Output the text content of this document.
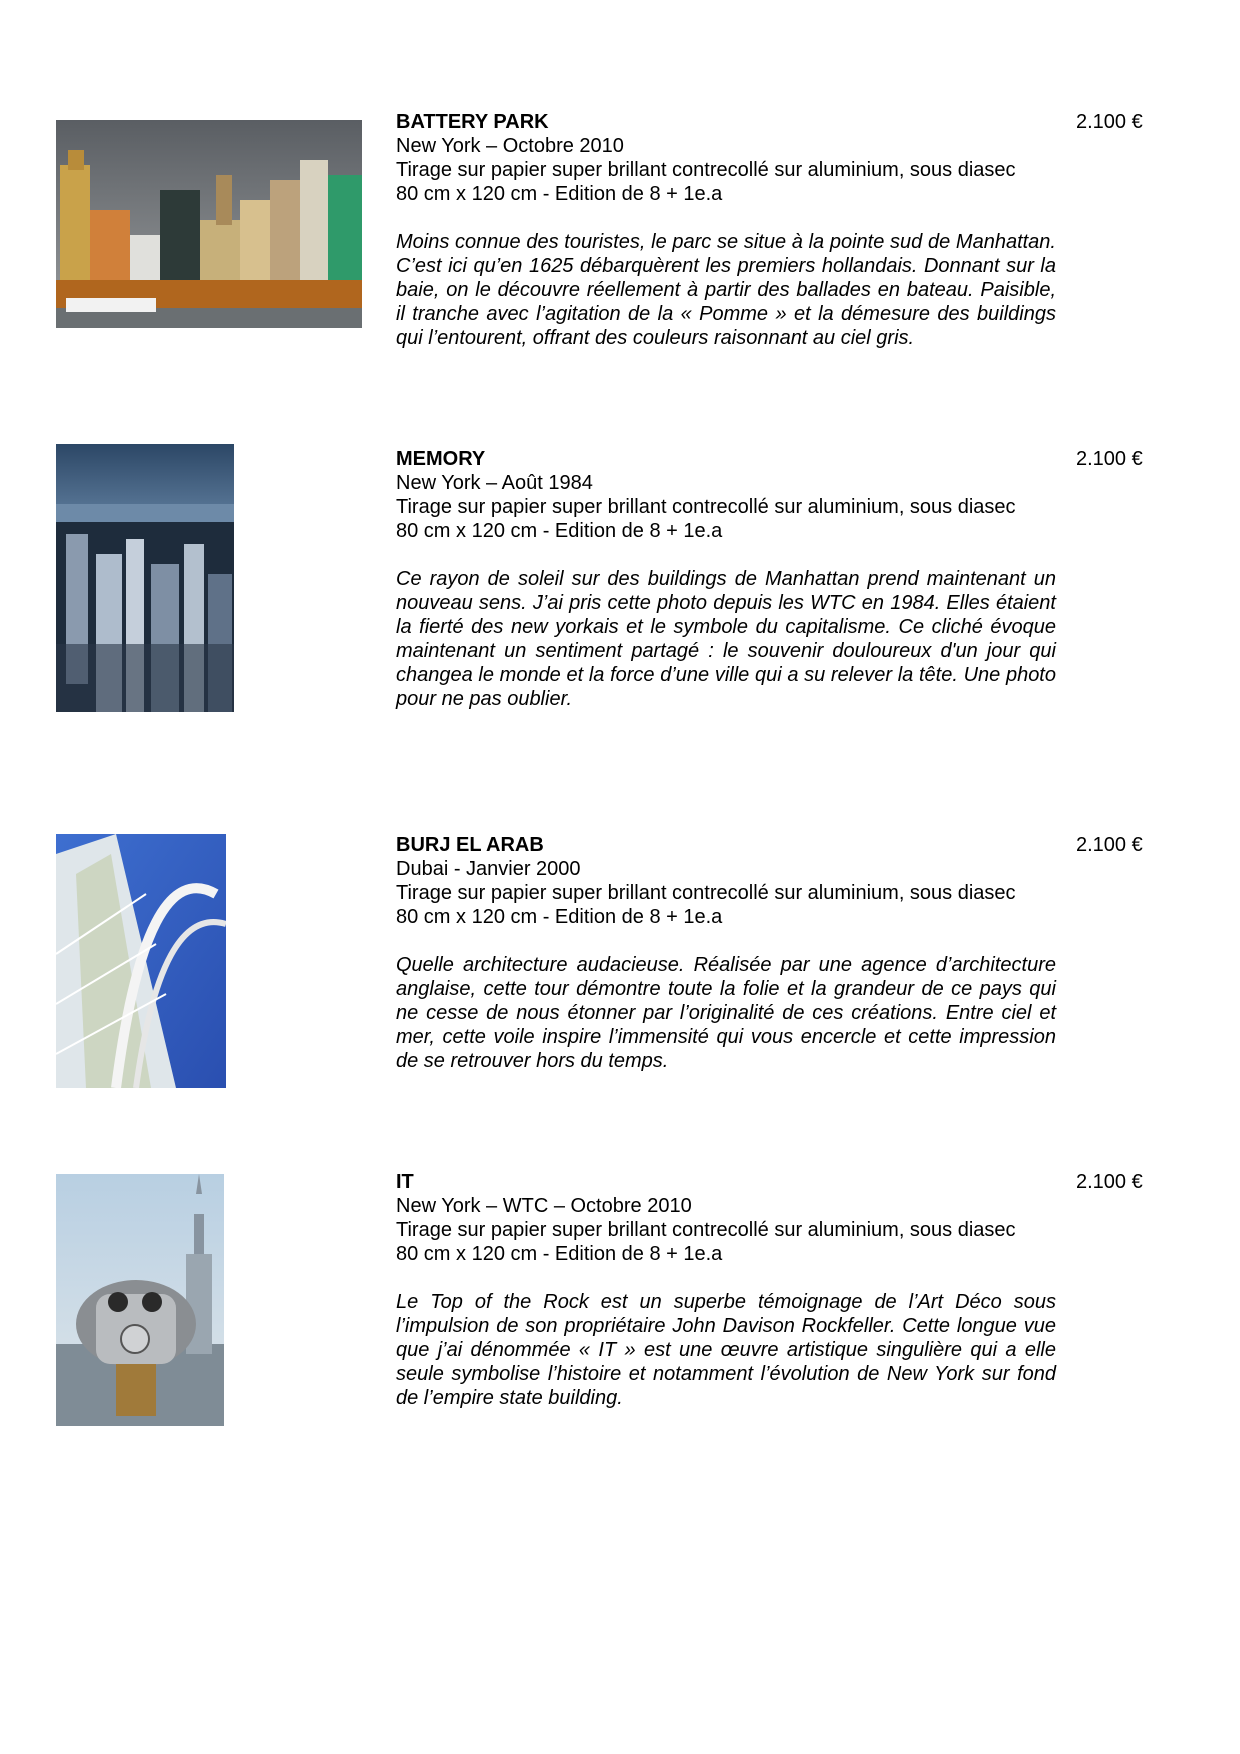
BATTERY PARK
New York – Octobre 2010
Tirage sur papier super brillant contrecollé sur aluminium, sous diasec
80 cm x 120 cm - Edition de 8 + 1e.a
Moins connue des touristes, le parc se situe à la pointe sud de Manhattan. C’est ici qu’en 1625 débarquèrent les premiers hollandais. Donnant sur la baie, on le découvre réellement à partir des ballades en bateau. Paisible, il tranche avec l’agitation de la « Pomme » et la démesure des buildings qui l’entourent, offrant des couleurs raisonnant au ciel gris.
2.100 €
MEMORY
New York – Août 1984
Tirage sur papier super brillant contrecollé sur aluminium, sous diasec
80 cm x 120 cm - Edition de 8 + 1e.a
Ce rayon de soleil sur des buildings de Manhattan prend maintenant un nouveau sens. J’ai pris cette photo depuis les WTC en 1984. Elles étaient la fierté des new yorkais et le symbole du capitalisme. Ce cliché évoque maintenant un sentiment partagé : le souvenir douloureux d'un jour qui changea le monde et la force d’une ville qui a su relever la tête. Une photo pour ne pas oublier.
2.100 €
BURJ EL ARAB
Dubai - Janvier 2000
Tirage sur papier super brillant contrecollé sur aluminium, sous diasec
80 cm x 120 cm - Edition de 8 + 1e.a
Quelle architecture audacieuse. Réalisée par une agence d’architecture anglaise, cette tour démontre toute la folie et la grandeur de ce pays qui ne cesse de nous étonner par l’originalité de ces créations. Entre ciel et mer, cette voile inspire l’immensité qui vous encercle et cette impression de se retrouver hors du temps.
2.100 €
IT
New York – WTC – Octobre 2010
Tirage sur papier super brillant contrecollé sur aluminium, sous diasec
80 cm x 120 cm - Edition de 8 + 1e.a
Le Top of the Rock est un superbe témoignage de l’Art Déco sous l’impulsion de son propriétaire John Davison Rockfeller. Cette longue vue que j’ai dénommée « IT » est une œuvre artistique singulière qui a elle seule symbolise l’histoire et notamment l’évolution de New York sur fond de l’empire state building.
2.100 €
